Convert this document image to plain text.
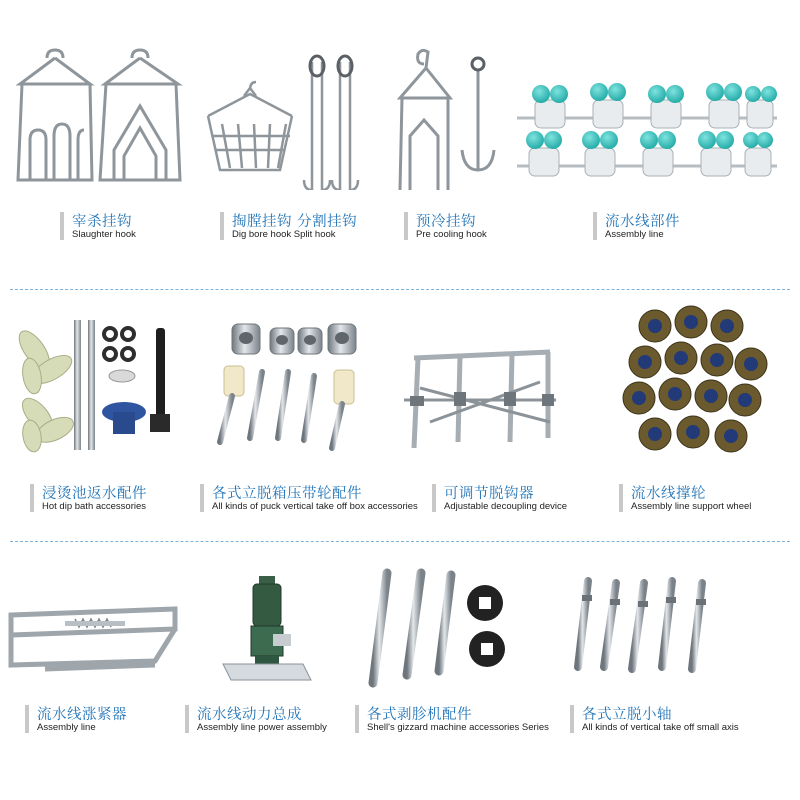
宰杀挂钩
Slaughter hook
掏膛挂钩 分割挂钩
Dig bore hook Split hook
预冷挂钩
Pre cooling hook
流水线部件
Assembly line
浸烫池返水配件
Hot dip bath accessories
各式立脱箱压带轮配件
All kinds of puck vertical take off box accessories
可调节脱钩器
Adjustable decoupling device
流水线撑轮
Assembly line support wheel
流水线涨紧器
Assembly line
流水线动力总成
Assembly line power assembly
各式剥胗机配件
Shell's gizzard machine accessories Series
各式立脱小轴
All kinds of vertical take off small axis
